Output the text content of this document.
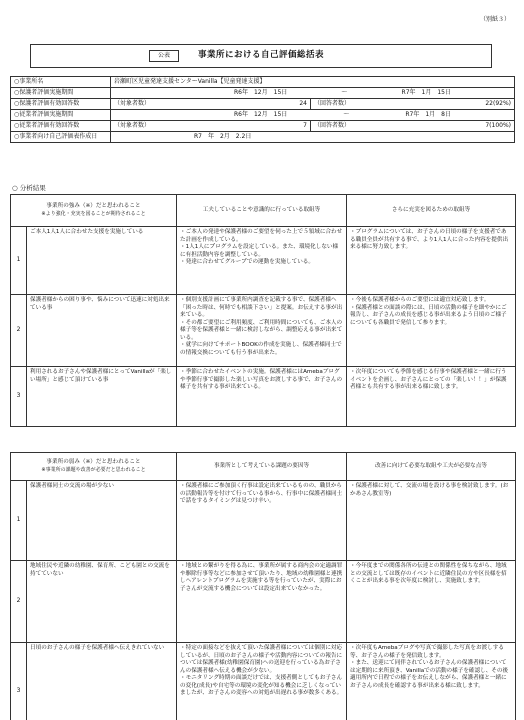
（別紙３）
公表	事業所における自己評価総括表
○事業所名	岩瀬町区児童発達支援センターVanilla【児童発達支援】	
○保護者評価実施期間	R6年　12月　15日 ～ R7年　1月　15日	

○保護者評価有効回答数	（対象者数） 24	（回答者数） 22(92%)

○従業者評価実施期間	R6年　12月　15日 ～ R7年　1月　8日	

○従業者評価有効回答数	（対象者数） 7	（回答者数） 7(100%)

○事業者向け自己評価表作成日	R7　年　2月　2.2日	
○ 分析結果
事業所の強み（※）だと思われること
※より強化・充実を図ることが期待されること		工夫していることや意識的に行っている取組等	さらに充実を図るための取組等
1	ご本人1人1人に合わせた支援を実施している	・ご本人の発達や保護者様のご要望を伺った上で５領域に合わせた計画を作成している。
・1人1人にプログラムを設定している。また、環境化しない様に有担活動内容を調整している。
・発達に合わせてグループでの運動を実施している。	・プログラムについては、お子さんの日頃の様子を支援者である職員全員が共有する事で、より1人1人に合った内容を提供出来る様に努力致します。

2	保護者様からの困り事や、悩みについて迅速に対処出来ている事	・個別支援計画にて事業所内調査を記載する事で、保護者様へ「困った時は、何時でも相談下さい」と提案。お伝えする事が出来ている。
・その都ご要望にご利用頻度、ご利用時間についても、ご本人の様子等を保護者様と一緒に検討しながら、調整応える事が出来ている。
・就学に向けてサポートBOOKの作成を実施し、保護者様同士での情報交換についても行う事が出来た。	・今後も保護者様からのご要望には適宜対応致します。
・保護者様との面談の際には、日頃の活動の様子を細やかにご報告し、お子さんの成長を感じる事が出来るよう日頃のご様子についても各職員で発信して参ります。

3	利用されるお子さんや保護者様にとってVanillaが「楽しい場所」と感じて頂けている事	・季節に合わせたイベントの実施。保護者様にはAmebaブログや季節行事で撮影した楽しい写真をお渡しする事で、お子さんの様子を共有する事が出来ている。	・次年度についても季節を感じる行事や保護者様と一緒に行うイベントを企画し、お子さんにとっての「楽しい！！」が保護者様とも共有する事が出来る様に致します。
事業所の弱み（※）だと思われること
※事業所の課題や改善が必要だと思われること		事業所として考えている課題の要因等	改善に向けて必要な取組や工夫が必要な点等
1	保護者様同士の交流の場が少ない	・保護者様にご参加頂く行事は設定出来ているものの、職員からの活動報告等を付けて行っている事から、行事中に保護者様同士で話をするタイミングは見つけ辛い。	・保護者様に対して、交流の場を設ける事を検討致します。(おかあさん教室等)

2	地域住民や近隣の幼稚園、保育所、こども園との交流を持てていない	・地域との繋がりを得る為に、事業所が属する商内会の定適調罪や駆除行事等などに参加させて頂いたり、地域の幼稚園様と連携しヘアレントプログラムを実施する等を行っていたが、実際にお子さんが交流する機会については設定出来ていなかった。	・今年度までの関係各所の伝達との関係性を保ちながら、地域との交流としては既存のイベントに近隣住民の方や区長様を招くことが出来る事を次年度に検討し、実施致します。

3	日頃のお子さんの様子を保護者様へ伝えきれていない	・特定の面接などを抜えて頂いた保護者様については個別に対応しているが、日頃のお子さんの様子や活動内容についての報告については保護者様(幼稚園保育園)への送迎を行っている為お子さんの保護者様へ伝える機会が少ない。
・モニタリング時期の面談だけでは、支援者側としてもお子さんの変化(成長)や自宅等の環境の変化が知る機会に乏しくなっていましたが、お子さんの変容への対処が出遅れる事が数多くある。	・次年度もAmebaブログや写真で撮影した写真をお渡しする等、お子さんの様子を発信致します。
・また、送迎にて同伴されているお子さんの保護者様については定期的に来所頂き、Vanillaでの活動の様子を確認し、その後適用所内で日程での様子をお伝えしながら、保護者様と一緒にお子さんの成長を確認する事が出来る様に致します。
